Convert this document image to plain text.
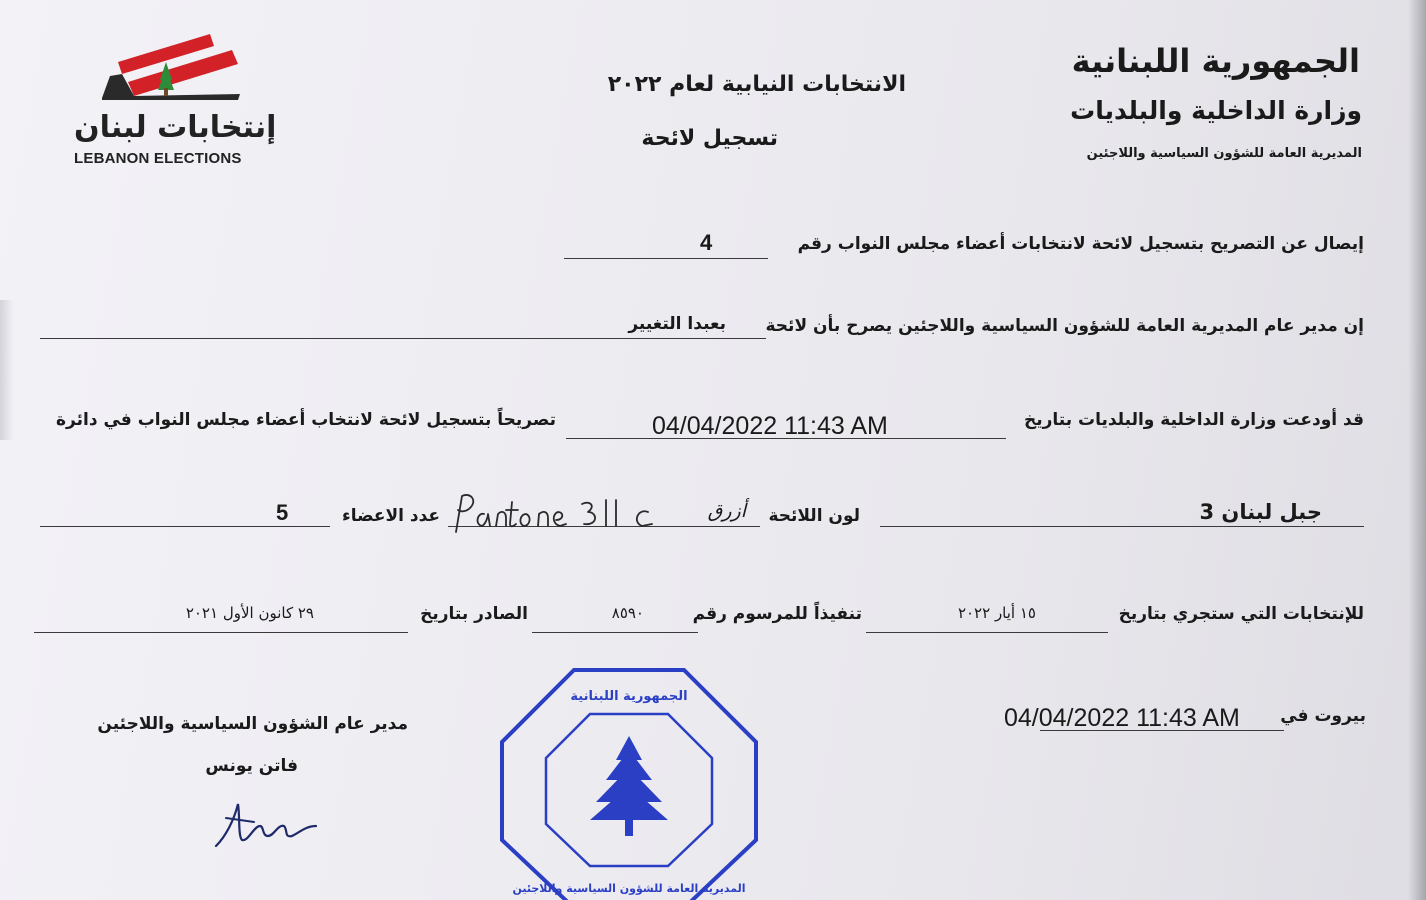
إنتخابات لبنان
LEBANON ELECTIONS
الجمهورية اللبنانية
وزارة الداخلية والبلديات
المديرية العامة للشؤون السياسية واللاجئين
الانتخابات النيابية لعام ٢٠٢٢
تسجيل لائحة
إيصال عن التصريح بتسجيل لائحة لانتخابات أعضاء مجلس النواب رقم
4
إن مدير عام المديرية العامة للشؤون السياسية واللاجئين يصرح بأن لائحة
بعبدا التغيير
قد أودعت وزارة الداخلية والبلديات بتاريخ
04/04/2022 11:43 AM
تصريحاً بتسجيل لائحة لانتخاب أعضاء مجلس النواب في دائرة
جبل لبنان 3
لون اللائحة
أزرق
عدد الاعضاء
5
للإنتخابات التي ستجري بتاريخ
١٥ أيار ٢٠٢٢
تنفيذاً للمرسوم رقم
٨٥٩٠
الصادر بتاريخ
٢٩ كانون الأول ٢٠٢١
بيروت في
04/04/2022 11:43 AM
مدير عام الشؤون السياسية واللاجئين
فاتن يونس
الجمهورية اللبنانية
المديرية العامة للشؤون السياسية واللاجئين
